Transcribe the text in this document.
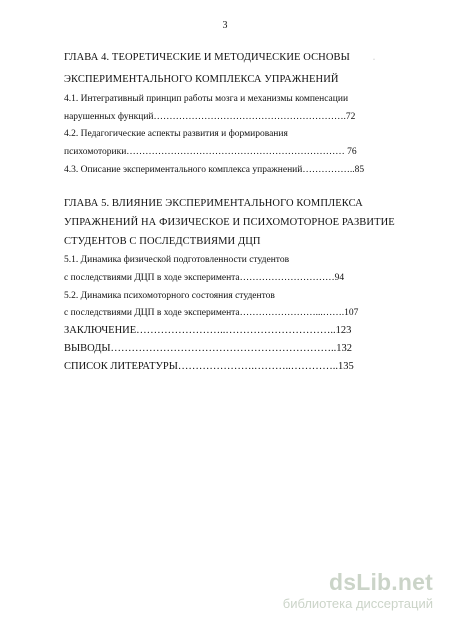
3
ГЛАВА 4. ТЕОРЕТИЧЕСКИЕ И МЕТОДИЧЕСКИЕ ОСНОВЫ	·
ЭКСПЕРИМЕНТАЛЬНОГО КОМПЛЕКСА УПРАЖНЕНИЙ
4.1. Интегративный принцип работы мозга и механизмы компенсации
нарушенных функций…………………………………………………….72
4.2. Педагогические аспекты развития и формирования
психомоторики…………………………………………………………… 76
4.3. Описание экспериментального комплекса упражнений……………..85
ГЛАВА 5. ВЛИЯНИЕ ЭКСПЕРИМЕНТАЛЬНОГО КОМПЛЕКСА
УПРАЖНЕНИЙ НА ФИЗИЧЕСКОЕ И ПСИХОМОТОРНОЕ РАЗВИТИЕ
СТУДЕНТОВ С ПОСЛЕДСТВИЯМИ ДЦП
5.1. Динамика физической подготовленности студентов
с последствиями ДЦП в ходе эксперимента…………………………94
5.2. Динамика психомоторного состояния студентов
с последствиями ДЦП в ходе эксперимента……………………...…….107
ЗАКЛЮЧЕНИЕ……………………..…………………………..123
ВЫВОДЫ………………………………………………………..132
СПИСОК ЛИТЕРАТУРЫ………………….………..…………..135
dsLib.net
библиотека диссертаций
